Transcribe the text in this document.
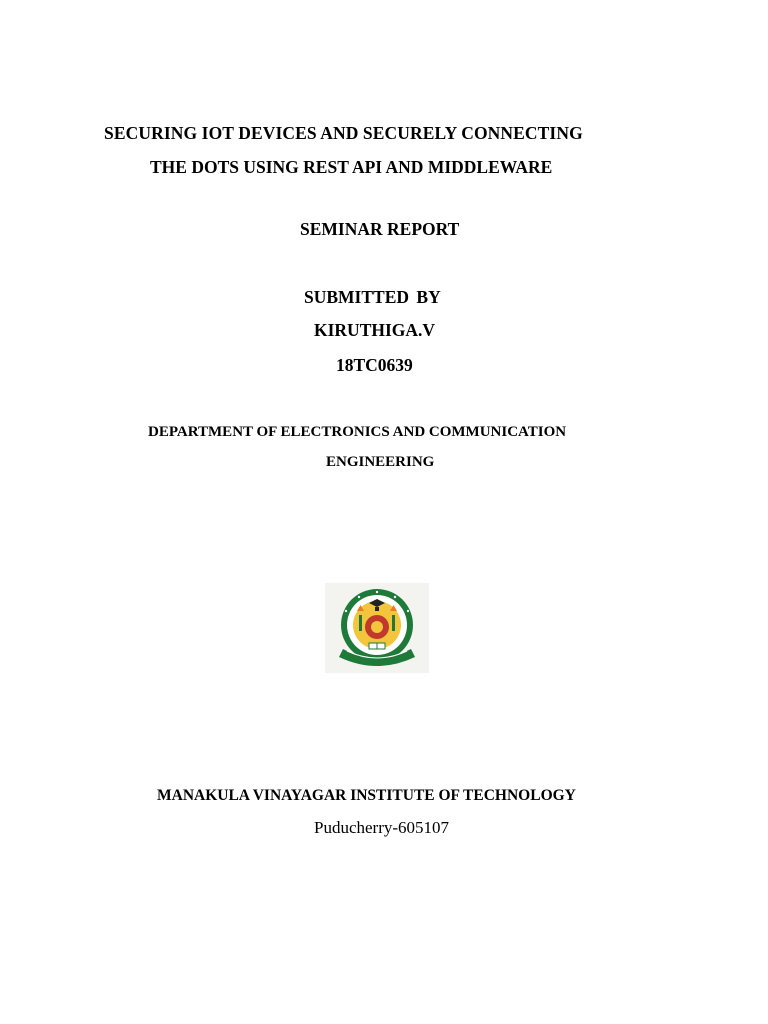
SECURING IOT DEVICES AND SECURELY CONNECTING
THE DOTS USING REST API AND MIDDLEWARE
SEMINAR REPORT
SUBMITTED BY
KIRUTHIGA.V
18TC0639
DEPARTMENT OF ELECTRONICS AND COMMUNICATION
ENGINEERING
MANAKULA VINAYAGAR INSTITUTE OF TECHNOLOGY
Puducherry-605107
